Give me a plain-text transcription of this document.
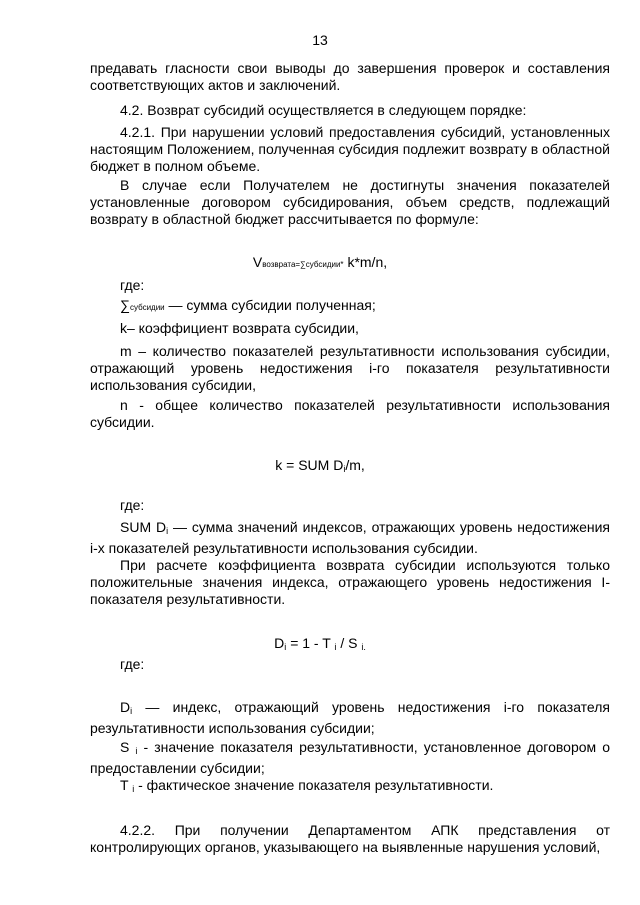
13
предавать гласности свои выводы до завершения проверок и составления соответствующих актов и заключений.
4.2. Возврат субсидий осуществляется в следующем порядке:
4.2.1. При нарушении условий предоставления субсидий, установленных настоящим Положением, полученная субсидия подлежит возврату в областной бюджет в полном объеме.
В случае если Получателем не достигнуты значения показателей установленные договором субсидирования, объем средств, подлежащий возврату в областной бюджет рассчитывается по формуле:
Vвозврата=∑субсидии* k*m/n,
где:
∑субсидии — сумма субсидии полученная;
k– коэффициент возврата субсидии,
m – количество показателей результативности использования субсидии, отражающий уровень недостижения i-го показателя результативности использования субсидии,
n - общее количество показателей результативности использования субсидии.
k = SUM $D_i/m$,
где:
SUM $D_i$ — сумма значений индексов, отражающих уровень недостижения i-х показателей результативности использования субсидии.
При расчете коэффициента возврата субсидии используются только положительные значения индекса, отражающего уровень недостижения I-показателя результативности.
$D_i = 1 - T$ $_i$ / S $_{i.}$
где:
$D_i$ — индекс, отражающий уровень недостижения i-го показателя результативности использования субсидии;
S $_i$ - значение показателя результативности, установленное договором о предоставлении субсидии;
T $_i$ - фактическое значение показателя результативности.
4.2.2. При получении Департаментом АПК представления от контролирующих органов, указывающего на выявленные нарушения условий,
